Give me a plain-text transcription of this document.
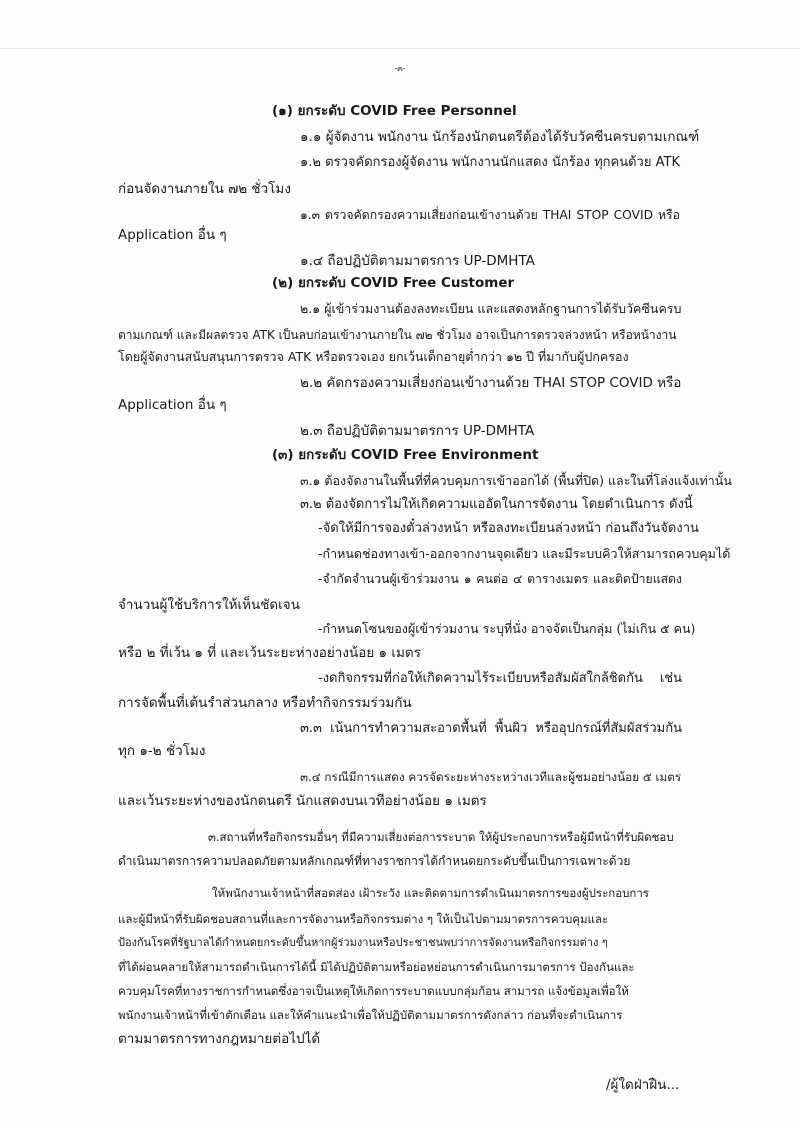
-๓-
(๑) ยกระดับ COVID Free Personnel
๑.๑ ผู้จัดงาน พนักงาน นักร้องนักดนตรีต้องได้รับวัคซีนครบตามเกณฑ์
๑.๒ ตรวจคัดกรองผู้จัดงาน พนักงานนักแสดง นักร้อง ทุกคนด้วย ATK
ก่อนจัดงานภายใน ๗๒ ชั่วโมง
๑.๓ ตรวจคัดกรองความเสี่ยงก่อนเข้างานด้วย THAI STOP COVID หรือ
Application อื่น ๆ
๑.๔ ถือปฏิบัติตามมาตรการ UP-DMHTA
(๒) ยกระดับ COVID Free Customer
๒.๑ ผู้เข้าร่วมงานต้องลงทะเบียน และแสดงหลักฐานการได้รับวัคซีนครบ
ตามเกณฑ์ และมีผลตรวจ ATK เป็นลบก่อนเข้างานภายใน ๗๒ ชั่วโมง อาจเป็นการตรวจล่วงหน้า หรือหน้างาน
โดยผู้จัดงานสนับสนุนการตรวจ ATK หรือตรวจเอง ยกเว้นเด็กอายุต่ำกว่า ๑๒ ปี ที่มากับผู้ปกครอง
๒.๒ คัดกรองความเสี่ยงก่อนเข้างานด้วย THAI STOP COVID หรือ
Application อื่น ๆ
๒.๓ ถือปฏิบัติตามมาตรการ UP-DMHTA
(๓) ยกระดับ COVID Free Environment
๓.๑ ต้องจัดงานในพื้นที่ที่ควบคุมการเข้าออกได้ (พื้นที่ปิด) และในที่โล่งแจ้งเท่านั้น
๓.๒ ต้องจัดการไม่ให้เกิดความแออัดในการจัดงาน โดยดำเนินการ ดังนี้
-จัดให้มีการจองตั๋วล่วงหน้า หรือลงทะเบียนล่วงหน้า ก่อนถึงวันจัดงาน
-กำหนดช่องทางเข้า-ออกจากงานจุดเดียว และมีระบบคิวให้สามารถควบคุมได้
-จำกัดจำนวนผู้เข้าร่วมงาน ๑ คนต่อ ๔ ตารางเมตร และติดป้ายแสดง
จำนวนผู้ใช้บริการให้เห็นชัดเจน
-กำหนดโซนของผู้เข้าร่วมงาน ระบุที่นั่ง อาจจัดเป็นกลุ่ม (ไม่เกิน ๕ คน)
หรือ ๒ ที่เว้น ๑ ที่ และเว้นระยะห่างอย่างน้อย ๑ เมตร
-งดกิจกรรมที่ก่อให้เกิดความไร้ระเบียบหรือสัมผัสใกล้ชิดกัน เช่น
การจัดพื้นที่เต้นรำส่วนกลาง หรือทำกิจกรรมร่วมกัน
๓.๓ เน้นการทำความสะอาดพื้นที่ พื้นผิว หรืออุปกรณ์ที่สัมผัสร่วมกัน
ทุก ๑-๒ ชั่วโมง
๓.๔ กรณีมีการแสดง ควรจัดระยะห่างระหว่างเวทีและผู้ชมอย่างน้อย ๕ เมตร
และเว้นระยะห่างของนักดนตรี นักแสดงบนเวทีอย่างน้อย ๑ เมตร
๓.สถานที่หรือกิจกรรมอื่นๆ ที่มีความเสี่ยงต่อการระบาด ให้ผู้ประกอบการหรือผู้มีหน้าที่รับผิดชอบ
ดำเนินมาตรการความปลอดภัยตามหลักเกณฑ์ที่ทางราชการได้กำหนดยกระดับขึ้นเป็นการเฉพาะด้วย
ให้พนักงานเจ้าหน้าที่สอดส่อง เฝ้าระวัง และติดตามการดำเนินมาตรการของผู้ประกอบการ
และผู้มีหน้าที่รับผิดชอบสถานที่และการจัดงานหรือกิจกรรมต่าง ๆ ให้เป็นไปตามมาตรการควบคุมและ
ป้องกันโรคที่รัฐบาลได้กำหนดยกระดับขึ้นหากผู้ร่วมงานหรือประชาชนพบว่าการจัดงานหรือกิจกรรมต่าง ๆ
ที่ได้ผ่อนคลายให้สามารถดำเนินการได้นี้ มิได้ปฏิบัติตามหรือย่อหย่อนการดำเนินการมาตรการ ป้องกันและ
ควบคุมโรคที่ทางราชการกำหนดซึ่งอาจเป็นเหตุให้เกิดการระบาดแบบกลุ่มก้อน สามารถ แจ้งข้อมูลเพื่อให้
พนักงานเจ้าหน้าที่เข้าตักเตือน และให้คำแนะนำเพื่อให้ปฏิบัติตามมาตรการดังกล่าว ก่อนที่จะดำเนินการ
ตามมาตรการทางกฎหมายต่อไปได้
/ผู้ใดฝ่าฝืน...
